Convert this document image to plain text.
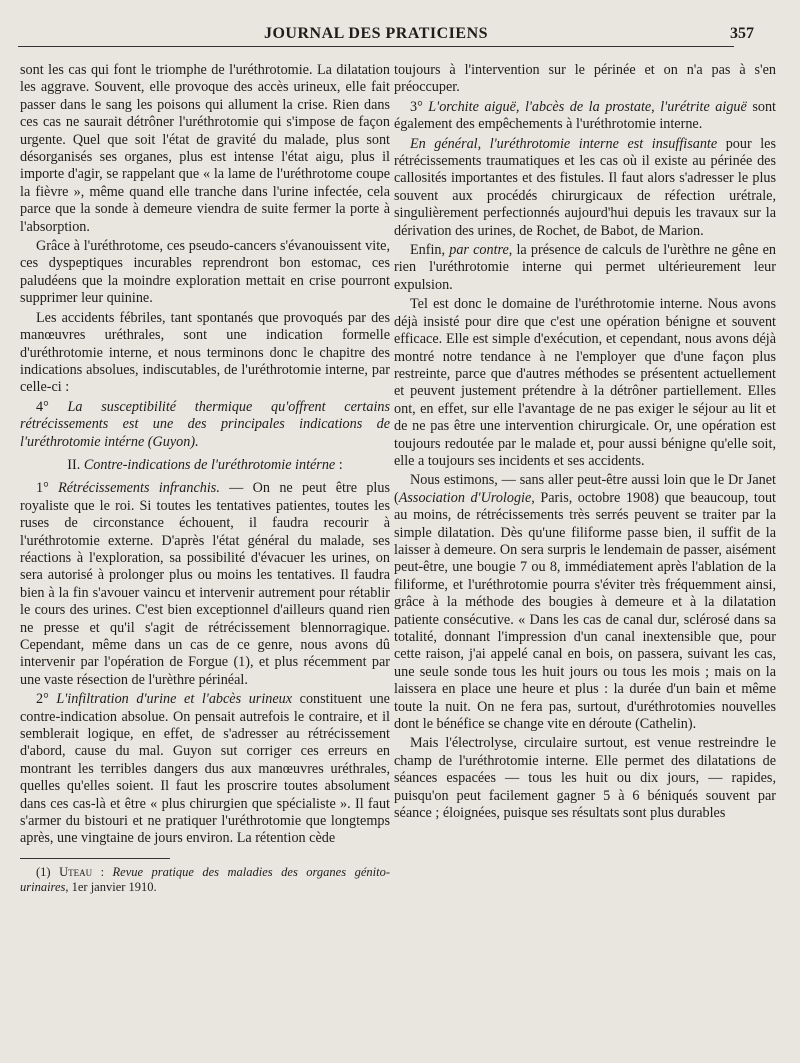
JOURNAL DES PRATICIENS	357

sont les cas qui font le triomphe de l'uréthrotomie. La dilatation les aggrave. Souvent, elle provoque des accès urineux, elle fait passer dans le sang les poisons qui allument la crise. Rien dans ces cas ne saurait détrôner l'uréthrotomie qui s'impose de façon urgente. Quel que soit l'état de gravité du malade, plus sont désorganisés ses organes, plus est intense l'état aigu, plus il importe d'agir, se rappelant que « la lame de l'uréthrotome coupe la fièvre », même quand elle tranche dans l'urine infectée, cela parce que la sonde à demeure viendra de suite fermer la porte à l'absorption.

Grâce à l'uréthrotome, ces pseudo-cancers s'évanouissent vite, ces dyspeptiques incurables reprendront bon estomac, ces paludéens que la moindre exploration mettait en crise pourront supprimer leur quinine.

Les accidents fébriles, tant spontanés que provoqués par des manœuvres uréthrales, sont une indication formelle d'uréthrotomie interne, et nous terminons donc le chapitre des indications absolues, indiscutables, de l'uréthrotomie interne, par celle-ci :

4° La susceptibilité thermique qu'offrent certains rétrécissements est une des principales indications de l'uréthrotomie intérne (Guyon).

II. Contre-indications de l'uréthrotomie intérne :

1° Rétrécissements infranchis. — On ne peut être plus royaliste que le roi. Si toutes les tentatives patientes, toutes les ruses de circonstance échouent, il faudra recourir à l'uréthrotomie externe. D'après l'état général du malade, ses réactions à l'exploration, sa possibilité d'évacuer les urines, on sera autorisé à prolonger plus ou moins les tentatives. Il faudra bien à la fin s'avouer vaincu et intervenir autrement pour rétablir le cours des urines. C'est bien exceptionnel d'ailleurs quand rien ne presse et qu'il s'agit de rétrécissement blennorragique. Cependant, même dans un cas de ce genre, nous avons dû intervenir par l'opération de Forgue (1), et plus récemment par une vaste résection de l'urèthre périnéal.

2° L'infiltration d'urine et l'abcès urineux constituent une contre-indication absolue. On pensait autrefois le contraire, et il semblerait logique, en effet, de s'adresser au rétrécissement d'abord, cause du mal. Guyon sut corriger ces erreurs en montrant les terribles dangers dus aux manœuvres uréthrales, quelles qu'elles soient. Il faut les proscrire toutes absolument dans ces cas-là et être « plus chirurgien que spécialiste ». Il faut s'armer du bistouri et ne pratiquer l'uréthrotomie que longtemps après, une vingtaine de jours environ. La rétention cède

(1) Uteau : Revue pratique des maladies des organes génito-urinaires, 1er janvier 1910.

toujours à l'intervention sur le périnée et on n'a pas à s'en préoccuper.

3° L'orchite aiguë, l'abcès de la prostate, l'urétrite aiguë sont également des empêchements à l'uréthrotomie interne.

En général, l'uréthrotomie interne est insuffisante pour les rétrécissements traumatiques et les cas où il existe au périnée des callosités importantes et des fistules. Il faut alors s'adresser le plus souvent aux procédés chirurgicaux de réfection urétrale, singulièrement perfectionnés aujourd'hui depuis les travaux sur la dérivation des urines, de Rochet, de Babot, de Marion.

Enfin, par contre, la présence de calculs de l'urèthre ne gêne en rien l'uréthrotomie interne qui permet ultérieurement leur expulsion.

Tel est donc le domaine de l'uréthrotomie interne. Nous avons déjà insisté pour dire que c'est une opération bénigne et souvent efficace. Elle est simple d'exécution, et cependant, nous avons déjà montré notre tendance à ne l'employer que d'une façon plus restreinte, parce que d'autres méthodes se présentent actuellement et peuvent justement prétendre à la détrôner partiellement. Elles ont, en effet, sur elle l'avantage de ne pas exiger le séjour au lit et de ne pas être une intervention chirurgicale. Or, une opération est toujours redoutée par le malade et, pour aussi bénigne qu'elle soit, elle a toujours ses incidents et ses accidents.

Nous estimons, — sans aller peut-être aussi loin que le Dr Janet (Association d'Urologie, Paris, octobre 1908) que beaucoup, tout au moins, de rétrécissements très serrés peuvent se traiter par la simple dilatation. Dès qu'une filiforme passe bien, il suffit de la laisser à demeure. On sera surpris le lendemain de passer, aisément peut-être, une bougie 7 ou 8, immédiatement après l'ablation de la filiforme, et l'uréthrotomie pourra s'éviter très fréquemment ainsi, grâce à la méthode des bougies à demeure et à la dilatation patiente consécutive. « Dans les cas de canal dur, sclérosé dans sa totalité, donnant l'impression d'un canal inextensible que, pour cette raison, j'ai appelé canal en bois, on passera, suivant les cas, une seule sonde tous les huit jours ou tous les mois ; mais on la laissera en place une heure et plus : la durée d'un bain et même toute la nuit. On ne fera pas, surtout, d'uréthrotomies nouvelles dont le bénéfice se change vite en déroute (Cathelin).

Mais l'électrolyse, circulaire surtout, est venue restreindre le champ de l'uréthrotomie interne. Elle permet des dilatations de séances espacées — tous les huit ou dix jours, — rapides, puisqu'on peut facilement gagner 5 à 6 béniqués souvent par séance ; éloignées, puisque ses résultats sont plus durables
